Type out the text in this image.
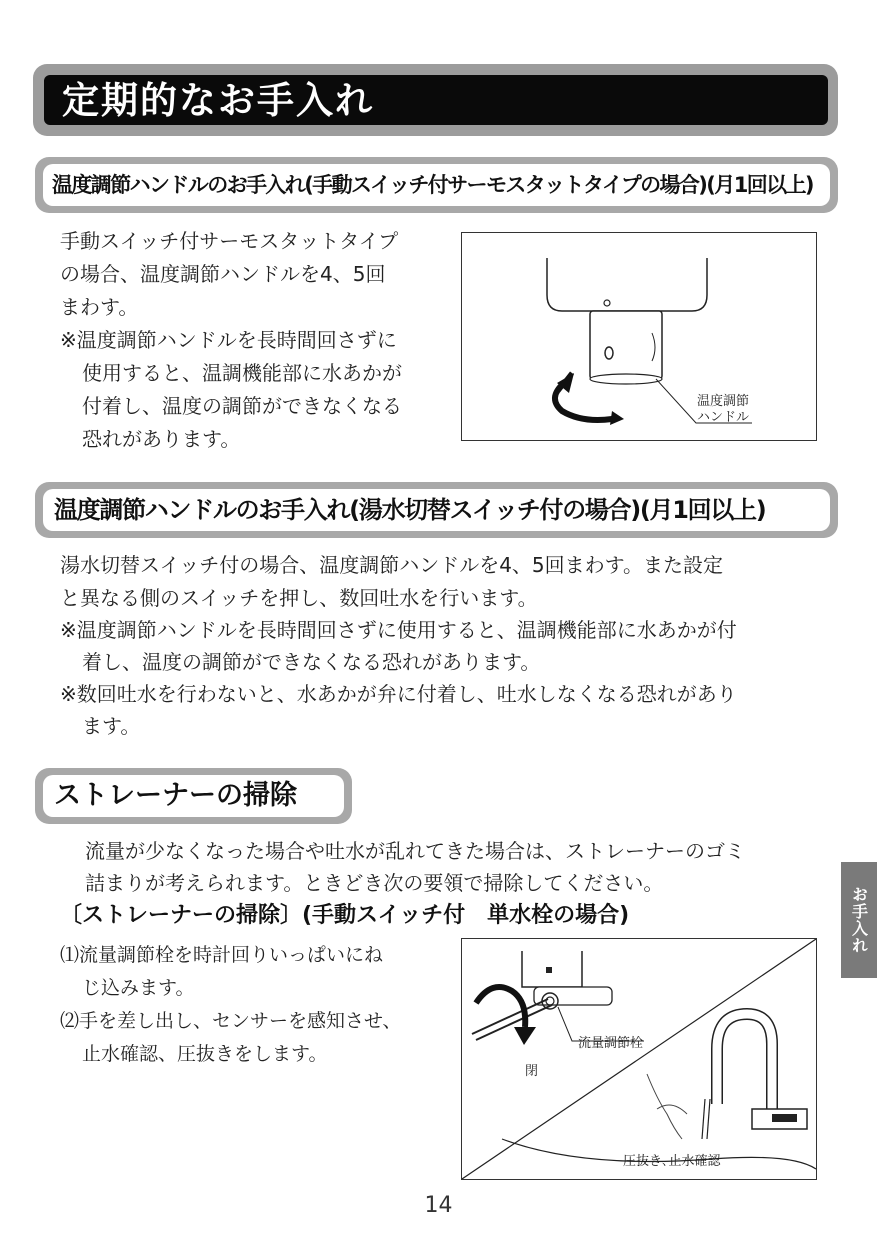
定期的なお手入れ
温度調節ハンドルのお手入れ(手動スイッチ付サーモスタットタイプの場合)(月1回以上)
手動スイッチ付サーモスタットタイプ
の場合、温度調節ハンドルを4、5回
まわす。
※温度調節ハンドルを長時間回さずに
使用すると、温調機能部に水あかが
付着し、温度の調節ができなくなる
恐れがあります。
温度調節
ハンドル
温度調節ハンドルのお手入れ(湯水切替スイッチ付の場合)(月1回以上)
湯水切替スイッチ付の場合、温度調節ハンドルを4、5回まわす。また設定
と異なる側のスイッチを押し、数回吐水を行います。
※温度調節ハンドルを長時間回さずに使用すると、温調機能部に水あかが付
着し、温度の調節ができなくなる恐れがあります。
※数回吐水を行わないと、水あかが弁に付着し、吐水しなくなる恐れがあり
ます。
ストレーナーの掃除
流量が少なくなった場合や吐水が乱れてきた場合は、ストレーナーのゴミ
詰まりが考えられます。ときどき次の要領で掃除してください。
〔ストレーナーの掃除〕(手動スイッチ付　単水栓の場合)
⑴流量調節栓を時計回りいっぱいにね
じ込みます。
⑵手を差し出し、センサーを感知させ、
止水確認、圧抜きをします。	流量調節栓
閉
圧抜き､止水確認
お手入れ
14
